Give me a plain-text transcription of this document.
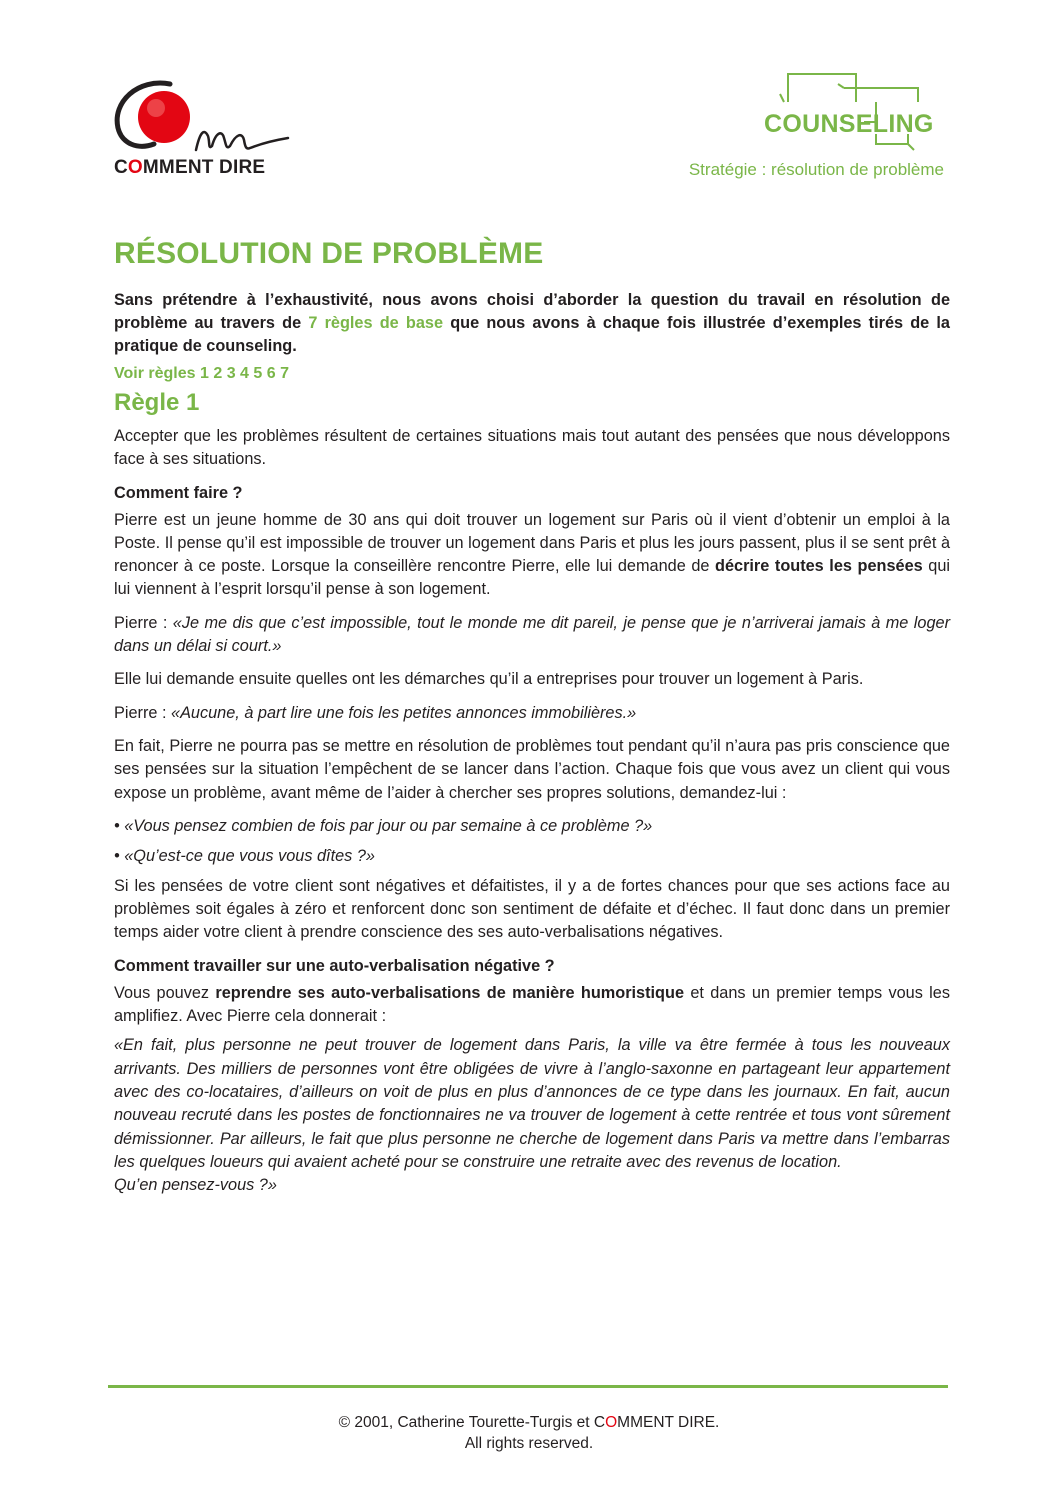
COMMENT DIRE
COUNSELING
Stratégie : résolution de problème
RÉSOLUTION DE PROBLÈME

Sans prétendre à l’exhaustivité, nous avons choisi d’aborder la question du travail en résolution de problème au travers de 7 règles de base que nous avons à chaque fois illustrée d’exemples tirés de la pratique de counseling.

Voir règles 1 2 3 4 5 6 7
Règle 1

Accepter que les problèmes résultent de certaines situations mais tout autant des pensées que nous développons face à ses situations.

Comment faire ?

Pierre est un jeune homme de 30 ans qui doit trouver un logement sur Paris où il vient d’obtenir un emploi à la Poste. Il pense qu’il est impossible de trouver un logement dans Paris et plus les jours passent, plus il se sent prêt à renoncer à ce poste. Lorsque la conseillère rencontre Pierre, elle lui demande de décrire toutes les pensées qui lui viennent à l’esprit lorsqu’il pense à son logement.

Pierre : «Je me dis que c’est impossible, tout le monde me dit pareil, je pense que je n’arriverai jamais à me loger dans un délai si court.»

Elle lui demande ensuite quelles ont les démarches qu’il a entreprises pour trouver un logement à Paris.

Pierre : «Aucune, à part lire une fois les petites annonces immobilières.»

En fait, Pierre ne pourra pas se mettre en résolution de problèmes tout pendant qu’il n’aura pas pris conscience que ses pensées sur la situation l’empêchent de se lancer dans l’action. Chaque fois que vous avez un client qui vous expose un problème, avant même de l’aider à chercher ses propres solutions, demandez-lui :

• «Vous pensez combien de fois par jour ou par semaine à ce problème ?»

• «Qu’est-ce que vous vous dîtes ?»

Si les pensées de votre client sont négatives et défaitistes, il y a de fortes chances pour que ses actions face au problèmes soit égales à zéro et renforcent donc son sentiment de défaite et d’échec. Il faut donc dans un premier temps aider votre client à prendre conscience des ses auto-verbalisations négatives.

Comment travailler sur une auto-verbalisation négative ?

Vous pouvez reprendre ses auto-verbalisations de manière humoristique et dans un premier temps vous les amplifiez. Avec Pierre cela donnerait :

«En fait, plus personne ne peut trouver de logement dans Paris, la ville va être fermée à tous les nouveaux arrivants. Des milliers de personnes vont être obligées de vivre à l’anglo-saxonne en partageant leur appartement avec des co-locataires, d’ailleurs on voit de plus en plus d’annonces de ce type dans les journaux. En fait, aucun nouveau recruté dans les postes de fonctionnaires ne va trouver de logement à cette rentrée et tous vont sûrement démissionner. Par ailleurs, le fait que plus personne ne cherche de logement dans Paris va mettre dans l’embarras les quelques loueurs qui avaient acheté pour se construire une retraite avec des revenus de location.
Qu’en pensez-vous ?»

© 2001, Catherine Tourette-Turgis et COMMENT DIRE.
All rights reserved.
